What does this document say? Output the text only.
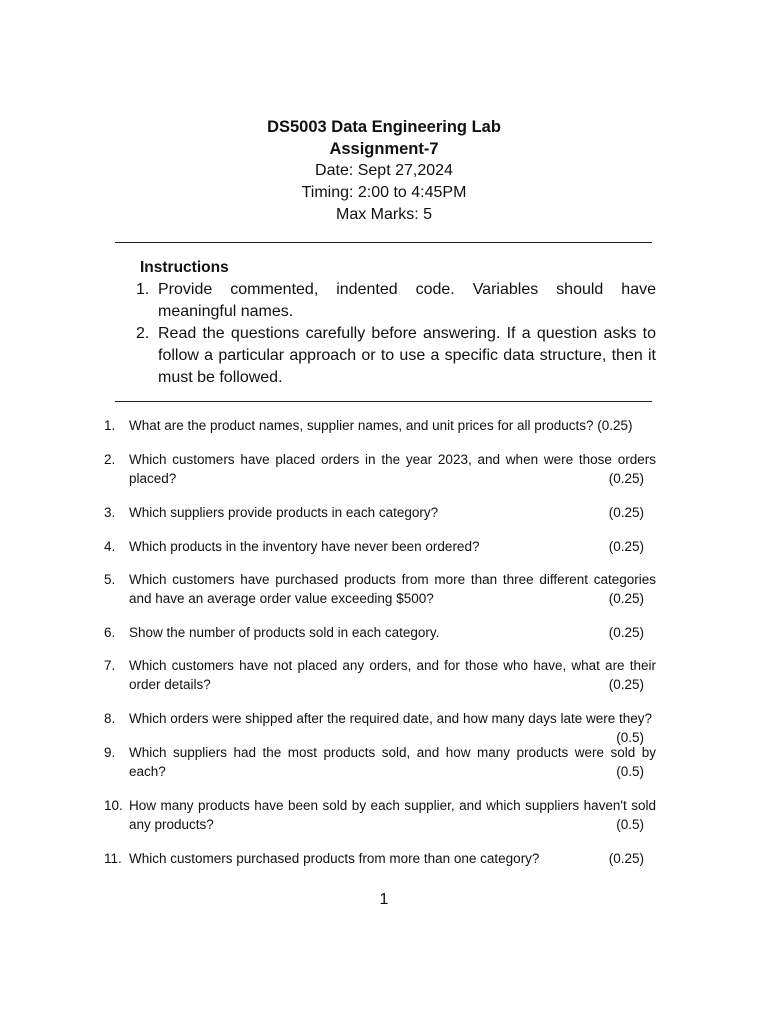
DS5003 Data Engineering Lab
Assignment-7
Date: Sept 27,2024
Timing: 2:00 to 4:45PM
Max Marks: 5
Instructions
1. Provide commented, indented code. Variables should have meaningful names.
2. Read the questions carefully before answering. If a question asks to follow a particular approach or to use a specific data structure, then it must be followed.
1. What are the product names, supplier names, and unit prices for all products? (0.25)
2. Which customers have placed orders in the year 2023, and when were those orders placed?	(0.25)
3. Which suppliers provide products in each category?	(0.25)
4. Which products in the inventory have never been ordered?	(0.25)
5. Which customers have purchased products from more than three different categories and have an average order value exceeding $500?	(0.25)
6. Show the number of products sold in each category.	(0.25)
7. Which customers have not placed any orders, and for those who have, what are their order details?	(0.25)
8. Which orders were shipped after the required date, and how many days late were they?
(0.5)
9. Which suppliers had the most products sold, and how many products were sold by each?	(0.5)
10. How many products have been sold by each supplier, and which suppliers haven't sold any products?	(0.5)
11. Which customers purchased products from more than one category?	(0.25)
1
